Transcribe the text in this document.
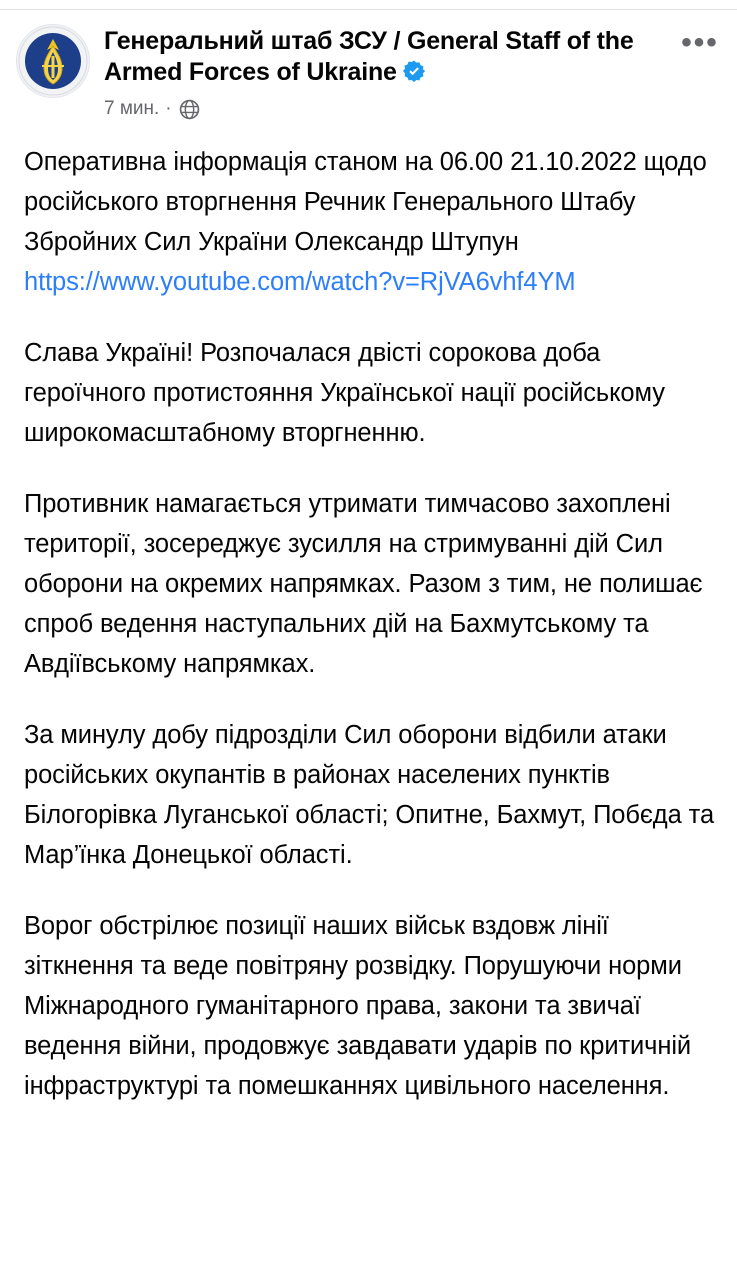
Генеральний штаб ЗСУ / General Staff of the Armed Forces of Ukraine
7 мин. ·
•••

Оперативна інформація станом на 06.00 21.10.2022 щодо російського вторгнення Речник Генерального Штабу Збройних Сил України Олександр Штупун

https://www.youtube.com/watch?v=RjVA6vhf4YM

Слава Україні! Розпочалася двісті сорокова доба героїчного протистояння Української нації російському широкомасштабному вторгненню.

Противник намагається утримати тимчасово захоплені території, зосереджує зусилля на стримуванні дій Сил оборони на окремих напрямках. Разом з тим, не полишає спроб ведення наступальних дій на Бахмутському та Авдіївському напрямках.

За минулу добу підрозділи Сил оборони відбили атаки російських окупантів в районах населених пунктів Білогорівка Луганської області; Опитне, Бахмут, Побєда та Мар’їнка Донецької області.

Ворог обстрілює позиції наших військ вздовж лінії зіткнення та веде повітряну розвідку. Порушуючи норми Міжнародного гуманітарного права, закони та звичаї ведення війни, продовжує завдавати ударів по критичній інфраструктурі та помешканнях цивільного населення.
